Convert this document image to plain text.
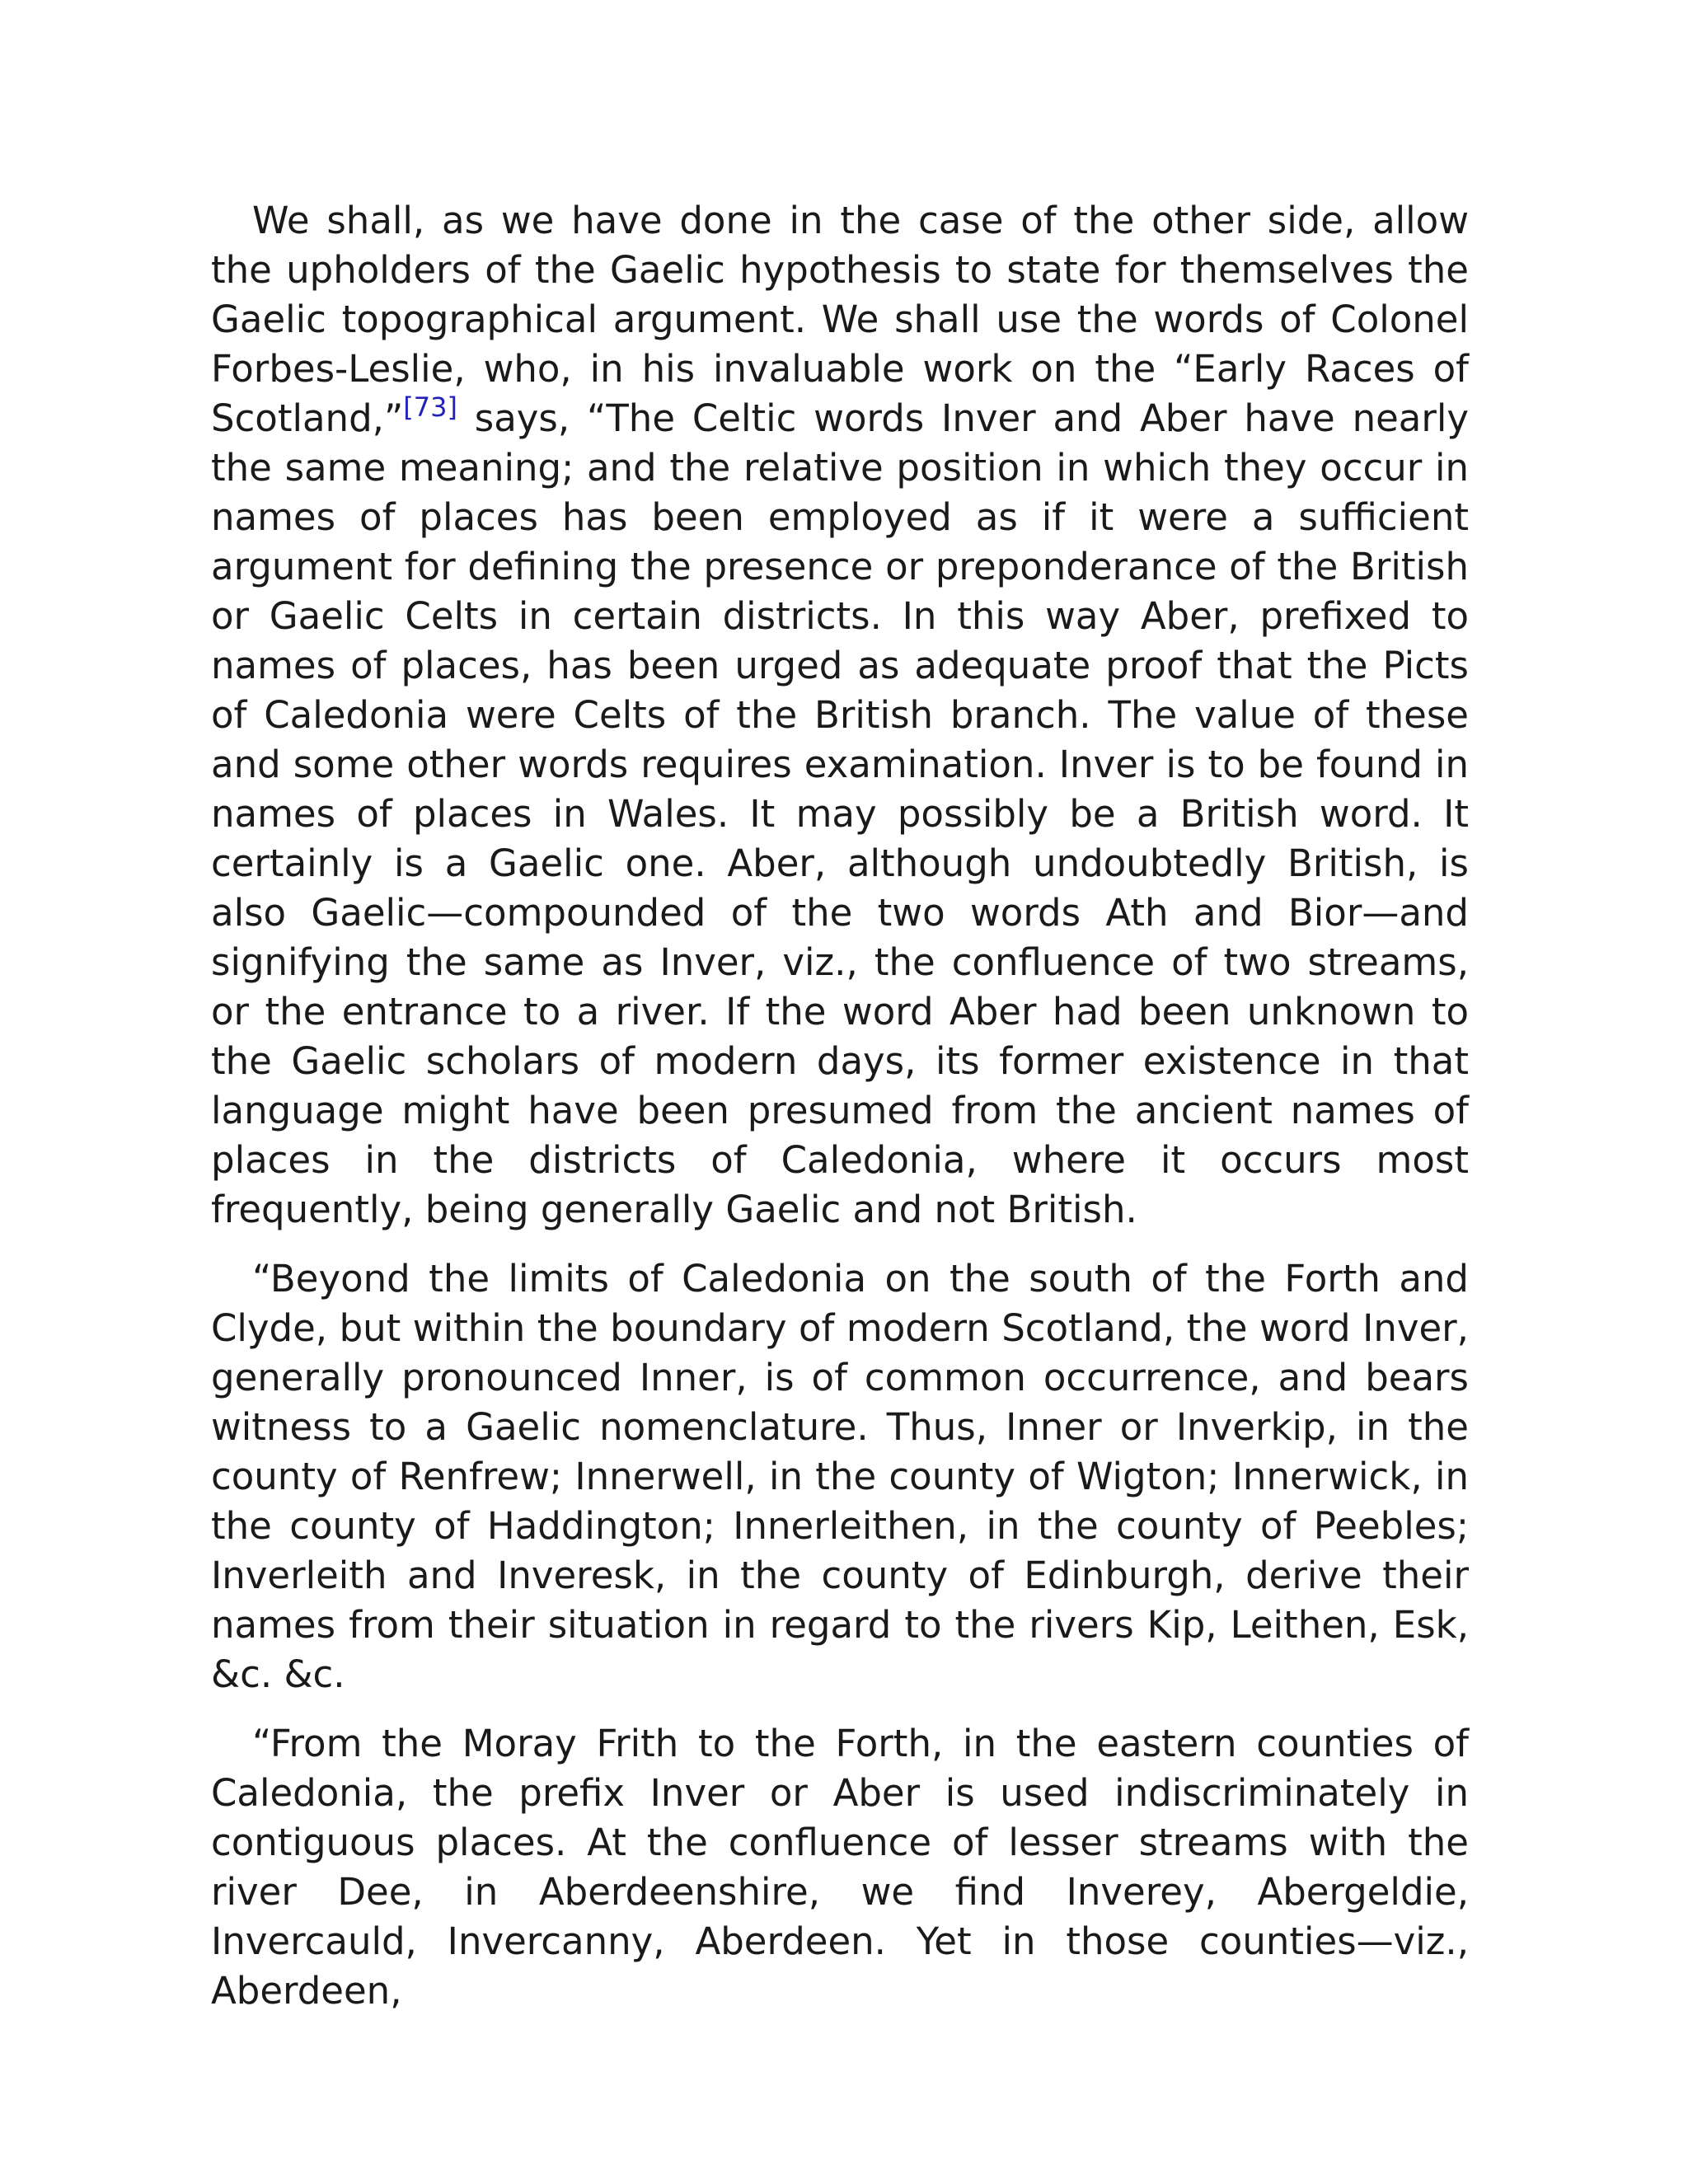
We shall, as we have done in the case of the other side, allow the upholders of the Gaelic hypothesis to state for themselves the Gaelic topographical argument. We shall use the words of Colonel Forbes-Leslie, who, in his invaluable work on the “Early Races of Scotland,”[73] says, “The Celtic words Inver and Aber have nearly the same meaning; and the relative position in which they occur in names of places has been employed as if it were a sufficient argument for defining the presence or preponderance of the British or Gaelic Celts in certain districts. In this way Aber, prefixed to names of places, has been urged as adequate proof that the Picts of Caledonia were Celts of the British branch. The value of these and some other words requires examination. Inver is to be found in names of places in Wales. It may possibly be a British word. It certainly is a Gaelic one. Aber, although undoubtedly British, is also Gaelic—compounded of the two words Ath and Bior—and signifying the same as Inver, viz., the confluence of two streams, or the entrance to a river. If the word Aber had been unknown to the Gaelic scholars of modern days, its former existence in that language might have been presumed from the ancient names of places in the districts of Caledonia, where it occurs most frequently, being generally Gaelic and not British.

“Beyond the limits of Caledonia on the south of the Forth and Clyde, but within the boundary of modern Scotland, the word Inver, generally pronounced Inner, is of common occurrence, and bears witness to a Gaelic nomenclature. Thus, Inner or Inverkip, in the county of Renfrew; Innerwell, in the county of Wigton; Innerwick, in the county of Haddington; Innerleithen, in the county of Peebles; Inverleith and Inveresk, in the county of Edinburgh, derive their names from their situation in regard to the rivers Kip, Leithen, Esk, &c. &c.

“From the Moray Frith to the Forth, in the eastern counties of Caledonia, the prefix Inver or Aber is used indiscriminately in contiguous places. At the confluence of lesser streams with the river Dee, in Aberdeenshire, we find Inverey, Abergeldie, Invercauld, Invercanny, Aberdeen. Yet in those counties—viz., Aberdeen,
